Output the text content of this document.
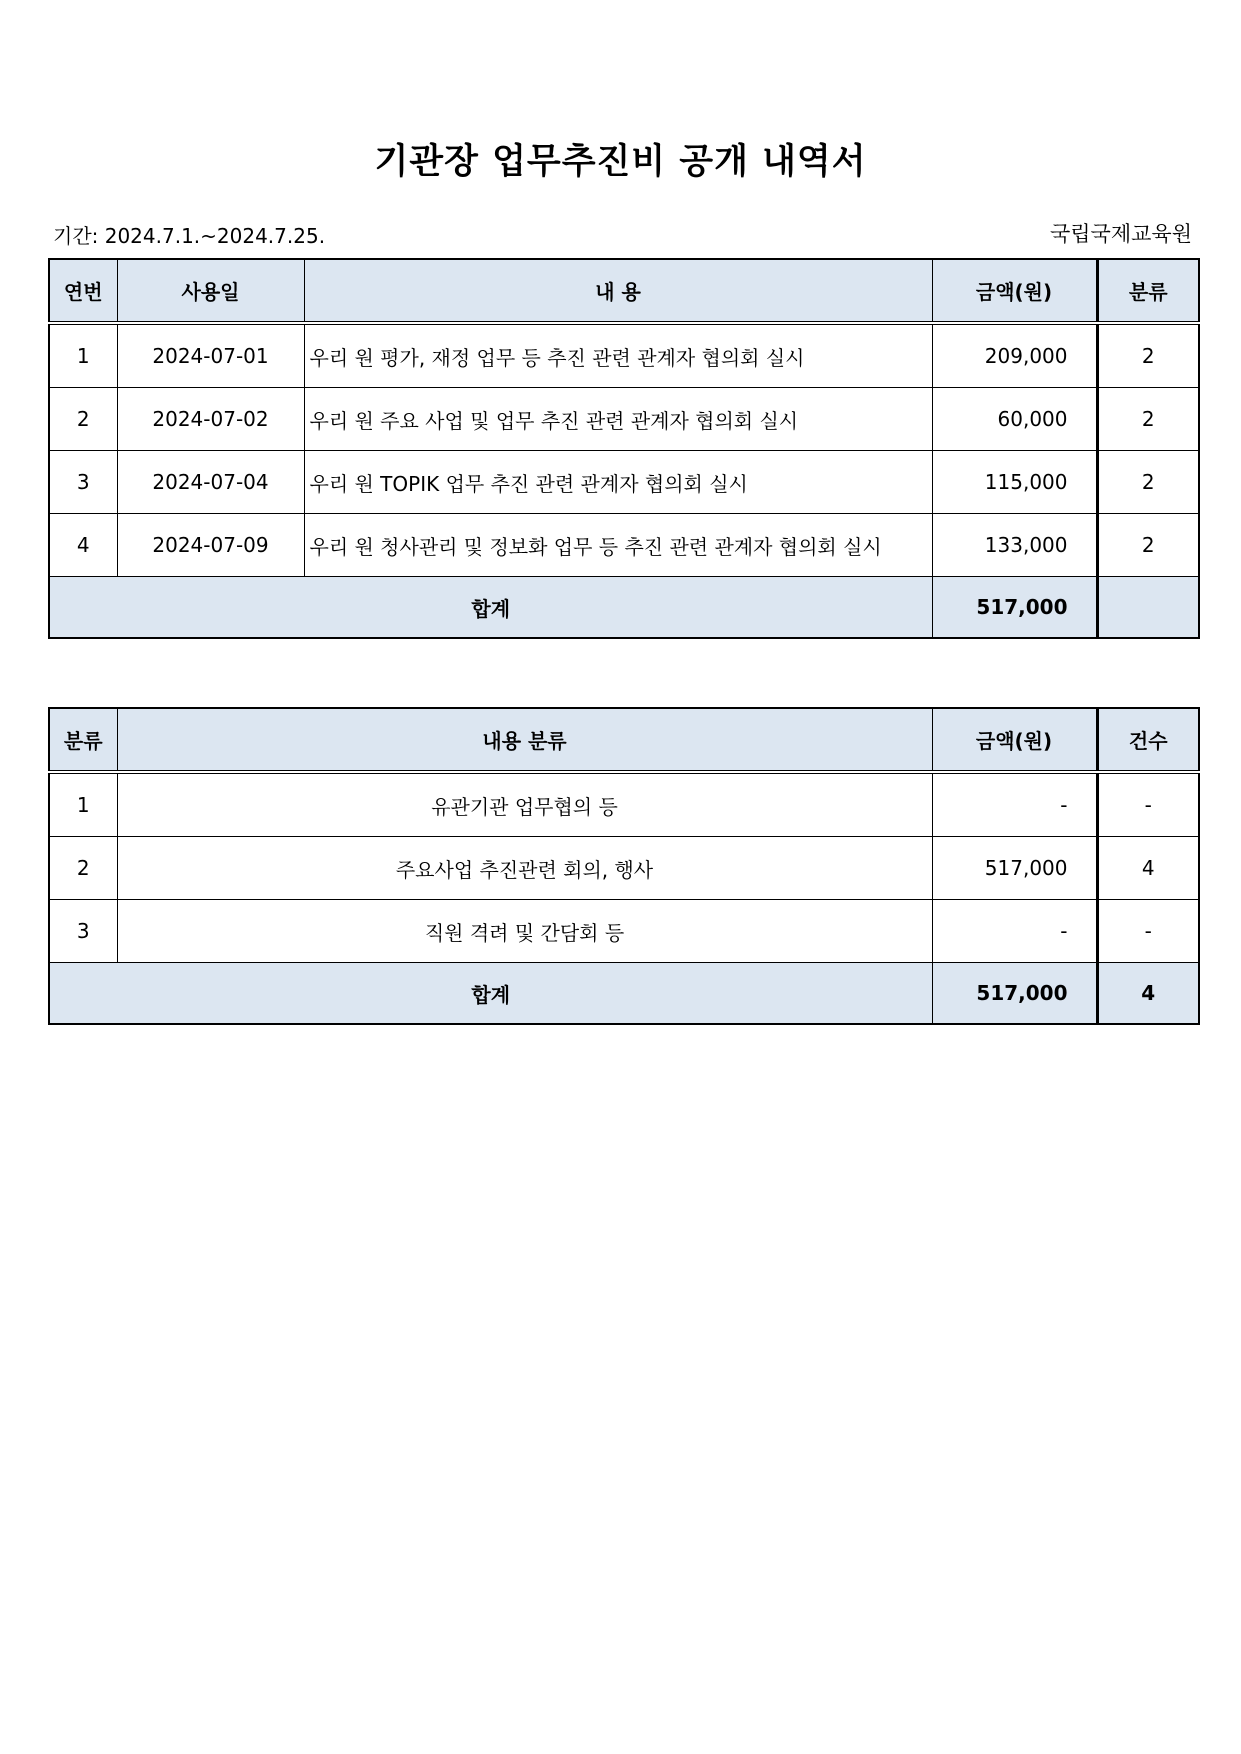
기관장 업무추진비 공개 내역서
기간: 2024.7.1.~2024.7.25.	국립국제교육원
연번	사용일	내 용	금액(원)	분류
1	2024-07-01	우리 원 평가, 재정 업무 등 추진 관련 관계자 협의회 실시	209,000	2
2	2024-07-02	우리 원 주요 사업 및 업무 추진 관련 관계자 협의회 실시	60,000	2
3	2024-07-04	우리 원 TOPIK 업무 추진 관련 관계자 협의회 실시	115,000	2
4	2024-07-09	우리 원 청사관리 및 정보화 업무 등 추진 관련 관계자 협의회 실시	133,000	2
합계			517,000	
분류	내용 분류	금액(원)	건수
1	유관기관 업무협의 등	-	-
2	주요사업 추진관련 회의, 행사	517,000	4
3	직원 격려 및 간담회 등	-	-
합계		517,000	4
